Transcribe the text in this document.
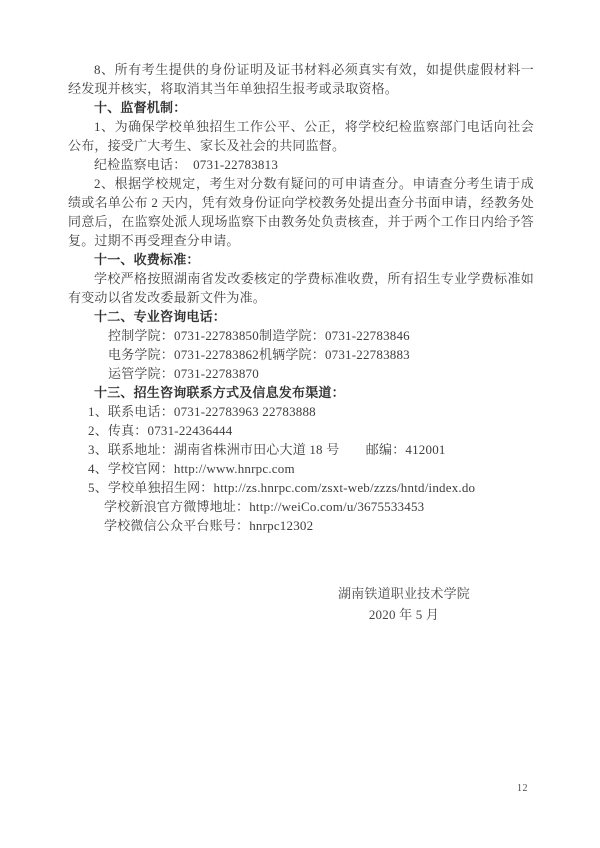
8、所有考生提供的身份证明及证书材料必须真实有效，如提供虚假材料一经发现并核实，将取消其当年单独招生报考或录取资格。

十、监督机制：

1、为确保学校单独招生工作公平、公正，将学校纪检监察部门电话向社会公布，接受广大考生、家长及社会的共同监督。

纪检监察电话：　0731-22783813

2、根据学校规定，考生对分数有疑问的可申请查分。申请查分考生请于成绩或名单公布 2 天内，凭有效身份证向学校教务处提出查分书面申请，经教务处同意后，在监察处派人现场监察下由教务处负责核查，并于两个工作日内给予答复。过期不再受理查分申请。

十一、收费标准：

学校严格按照湖南省发改委核定的学费标准收费，所有招生专业学费标准如有变动以省发改委最新文件为准。

十二、专业咨询电话：

控制学院：0731-22783850制造学院：0731-22783846

电务学院：0731-22783862机辆学院：0731-22783883

运管学院：0731-22783870

十三、招生咨询联系方式及信息发布渠道：

1、联系电话：0731-22783963 22783888

2、传真：0731-22436444

3、联系地址：湖南省株洲市田心大道 18 号　　邮编：412001

4、学校官网：http://www.hnrpc.com

5、学校单独招生网：http://zs.hnrpc.com/zsxt-web/zzzs/hntd/index.do

学校新浪官方微博地址：http://weiCo.com/u/3675533453

学校微信公众平台账号：hnrpc12302

湖南铁道职业技术学院

2020 年 5 月

12
